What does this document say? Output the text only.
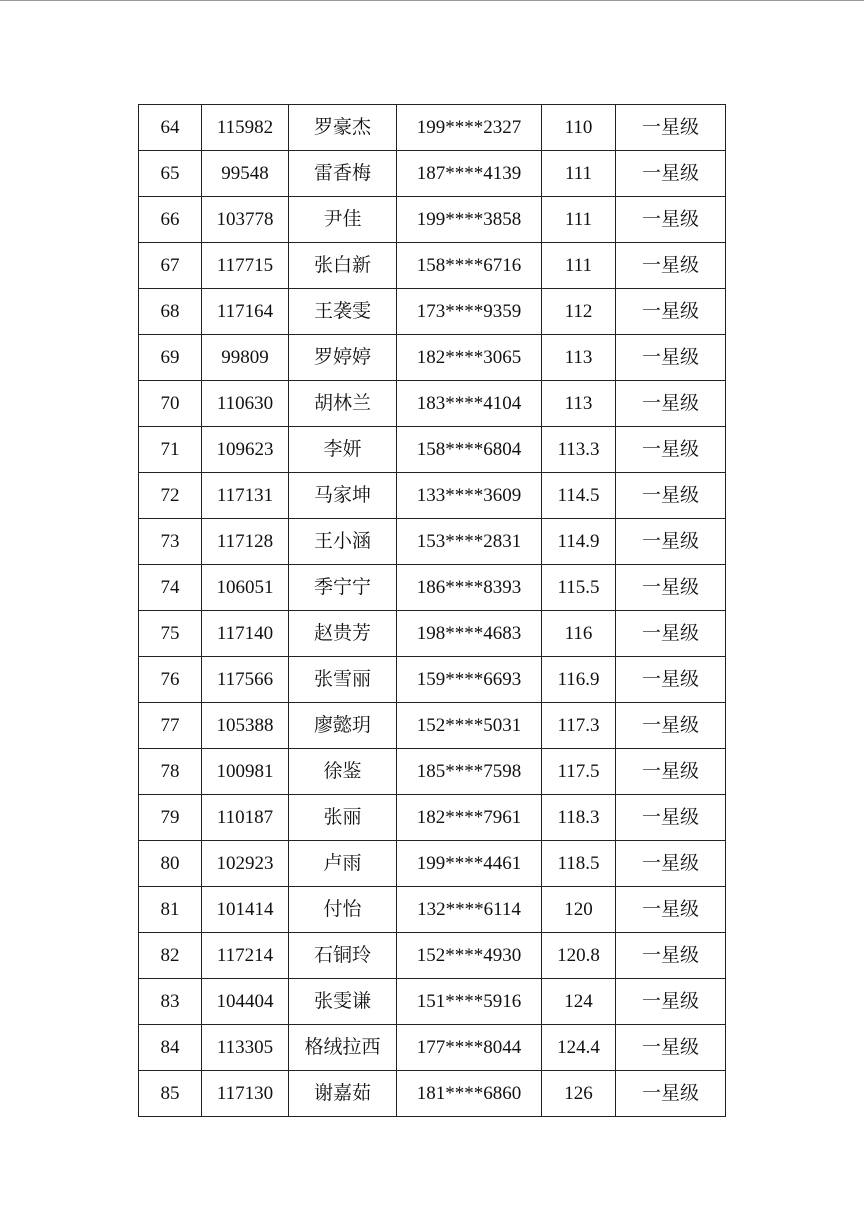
64	115982	罗豪杰	199****2327	110	一星级
65	99548	雷香梅	187****4139	111	一星级
66	103778	尹佳	199****3858	111	一星级
67	117715	张白新	158****6716	111	一星级
68	117164	王袭雯	173****9359	112	一星级
69	99809	罗婷婷	182****3065	113	一星级
70	110630	胡林兰	183****4104	113	一星级
71	109623	李妍	158****6804	113.3	一星级
72	117131	马家坤	133****3609	114.5	一星级
73	117128	王小涵	153****2831	114.9	一星级
74	106051	季宁宁	186****8393	115.5	一星级
75	117140	赵贵芳	198****4683	116	一星级
76	117566	张雪丽	159****6693	116.9	一星级
77	105388	廖懿玥	152****5031	117.3	一星级
78	100981	徐鉴	185****7598	117.5	一星级
79	110187	张丽	182****7961	118.3	一星级
80	102923	卢雨	199****4461	118.5	一星级
81	101414	付怡	132****6114	120	一星级
82	117214	石铜玲	152****4930	120.8	一星级
83	104404	张雯谦	151****5916	124	一星级
84	113305	格绒拉西	177****8044	124.4	一星级
85	117130	谢嘉茹	181****6860	126	一星级
